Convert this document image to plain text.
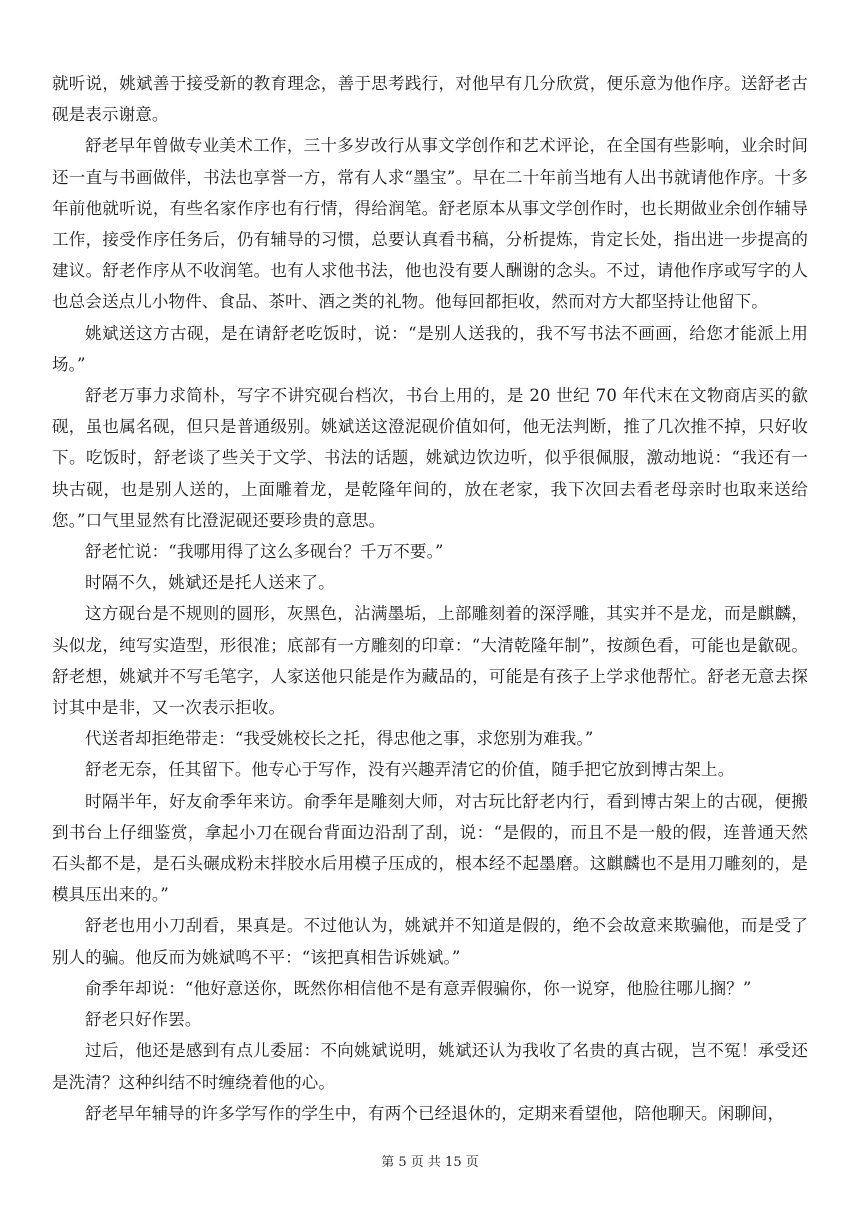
就听说，姚斌善于接受新的教育理念，善于思考践行，对他早有几分欣赏，便乐意为他作序。送舒老古砚是表示谢意。

舒老早年曾做专业美术工作，三十多岁改行从事文学创作和艺术评论，在全国有些影响，业余时间还一直与书画做伴，书法也享誉一方，常有人求“墨宝”。早在二十年前当地有人出书就请他作序。十多年前他就听说，有些名家作序也有行情，得给润笔。舒老原本从事文学创作时，也长期做业余创作辅导工作，接受作序任务后，仍有辅导的习惯，总要认真看书稿，分析提炼，肯定长处，指出进一步提高的建议。舒老作序从不收润笔。也有人求他书法，他也没有要人酬谢的念头。不过，请他作序或写字的人也总会送点儿小物件、食品、茶叶、酒之类的礼物。他每回都拒收，然而对方大都坚持让他留下。

姚斌送这方古砚，是在请舒老吃饭时，说：“是别人送我的，我不写书法不画画，给您才能派上用场。”

舒老万事力求简朴，写字不讲究砚台档次，书台上用的，是 20 世纪 70 年代末在文物商店买的歙砚，虽也属名砚，但只是普通级别。姚斌送这澄泥砚价值如何，他无法判断，推了几次推不掉，只好收下。吃饭时，舒老谈了些关于文学、书法的话题，姚斌边饮边听，似乎很佩服，激动地说：“我还有一块古砚，也是别人送的，上面雕着龙，是乾隆年间的，放在老家，我下次回去看老母亲时也取来送给您。”口气里显然有比澄泥砚还要珍贵的意思。

舒老忙说：“我哪用得了这么多砚台？千万不要。”

时隔不久，姚斌还是托人送来了。

这方砚台是不规则的圆形，灰黑色，沾满墨垢，上部雕刻着的深浮雕，其实并不是龙，而是麒麟，头似龙，纯写实造型，形很准；底部有一方雕刻的印章：“大清乾隆年制”，按颜色看，可能也是歙砚。舒老想，姚斌并不写毛笔字，人家送他只能是作为藏品的，可能是有孩子上学求他帮忙。舒老无意去探讨其中是非，又一次表示拒收。

代送者却拒绝带走：“我受姚校长之托，得忠他之事，求您别为难我。”

舒老无奈，任其留下。他专心于写作，没有兴趣弄清它的价值，随手把它放到博古架上。

时隔半年，好友俞季年来访。俞季年是雕刻大师，对古玩比舒老内行，看到博古架上的古砚，便搬到书台上仔细鉴赏，拿起小刀在砚台背面边沿刮了刮，说：“是假的，而且不是一般的假，连普通天然石头都不是，是石头碾成粉末拌胶水后用模子压成的，根本经不起墨磨。这麒麟也不是用刀雕刻的，是模具压出来的。”

舒老也用小刀刮看，果真是。不过他认为，姚斌并不知道是假的，绝不会故意来欺骗他，而是受了别人的骗。他反而为姚斌鸣不平：“该把真相告诉姚斌。”

俞季年却说：“他好意送你，既然你相信他不是有意弄假骗你，你一说穿，他脸往哪儿搁？”

舒老只好作罢。

过后，他还是感到有点儿委屈：不向姚斌说明，姚斌还认为我收了名贵的真古砚，岂不冤！承受还是洗清？这种纠结不时缠绕着他的心。

舒老早年辅导的许多学写作的学生中，有两个已经退休的，定期来看望他，陪他聊天。闲聊间，

第 5 页 共 15 页
